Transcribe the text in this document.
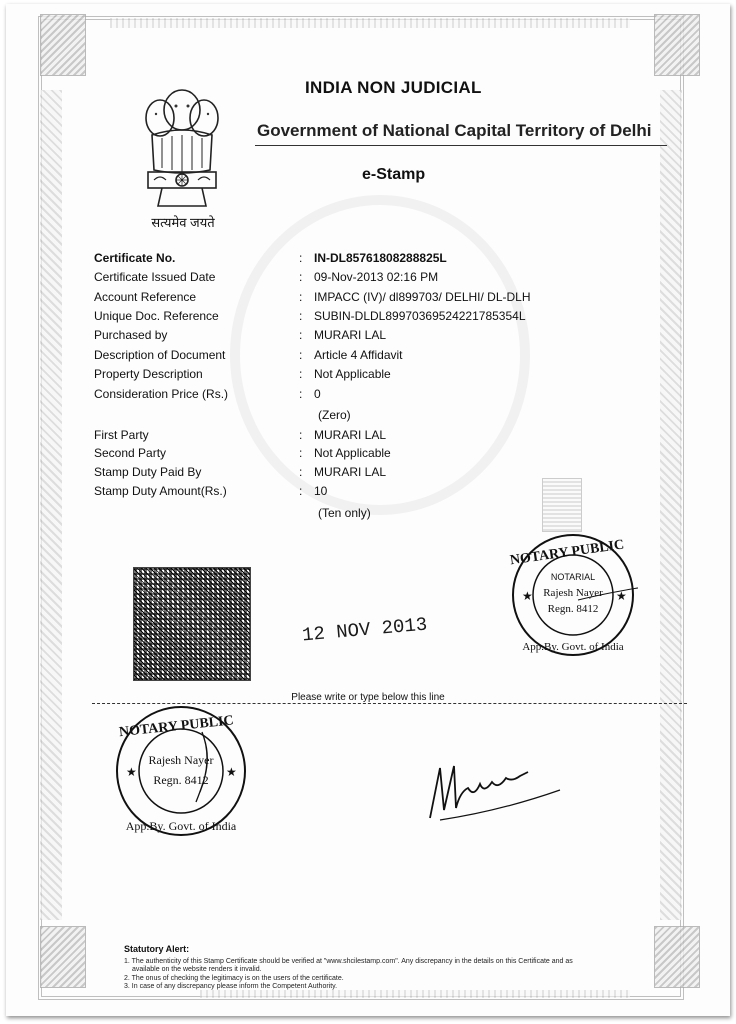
सत्यमेव जयते
INDIA NON JUDICIAL
Government of National Capital Territory of Delhi
e-Stamp
Certificate No.	: IN-DL85761808288825L
Certificate Issued Date	: 09-Nov-2013 02:16 PM
Account Reference	: IMPACC (IV)/ dl899703/ DELHI/ DL-DLH
Unique Doc. Reference	: SUBIN-DLDL89970369524221785354L
Purchased by	: MURARI LAL
Description of Document	: Article 4 Affidavit
Property Description	: Not Applicable
Consideration Price (Rs.)	: 0
(Zero)
First Party	: MURARI LAL
Second Party	: Not Applicable
Stamp Duty Paid By	: MURARI LAL
Stamp Duty Amount(Rs.)	: 10
(Ten only)
12 NOV 2013
NOTARY PUBLIC
App.By. Govt. of India
NOTARIAL
Rajesh Nayer
Regn. 8412
★	★
Please write or type below this line
NOTARY PUBLIC
App.By. Govt. of India
Rajesh Nayer
Regn. 8412
★	★
Statutory Alert:
1. The authenticity of this Stamp Certificate should be verified at "www.shcilestamp.com". Any discrepancy in the details on this Certificate and as
available on the website renders it invalid.
2. The onus of checking the legitimacy is on the users of the certificate.
3. In case of any discrepancy please inform the Competent Authority.
